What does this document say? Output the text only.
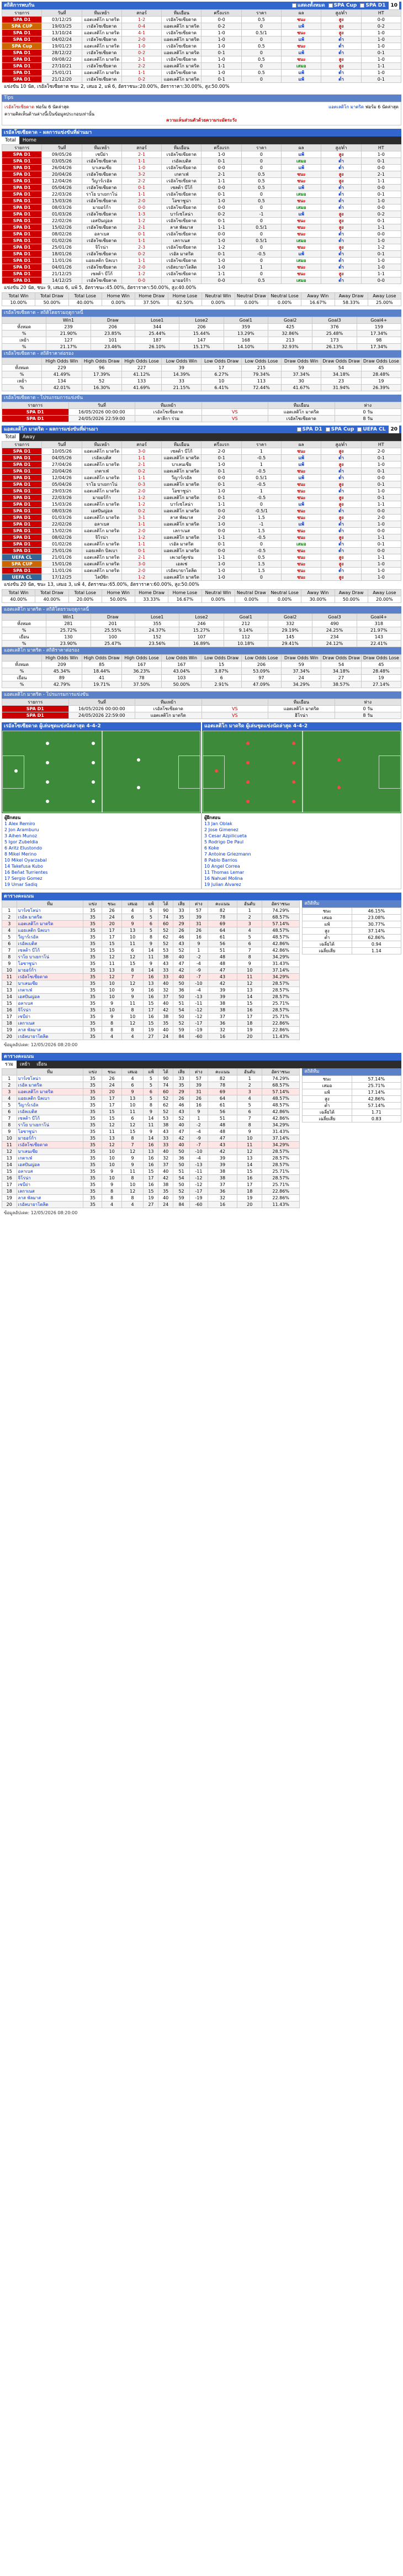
สถิติการพบกัน	แสดงทั้งหมด	SPA Cup	SPA D1	10
รายการ	วันที่	ทีมเหย้า	สกอร์	ทีมเยือน	ครึ่งแรก	ราคา	ผล	สูง/ต่ำ	HT
SPA D1	03/12/25	แอตเลติโก มาดริด	1-2	เรอัลโซเซียดาด	0-0	0.5	ชนะ	สูง	0-0
SPA CUP	19/03/25	เรอัลโซเซียดาด	0-4	แอตเลติโก มาดริด	0-2	0	แพ้	สูง	0-2
SPA D1	13/10/24	แอตเลติโก มาดริด	4-1	เรอัลโซเซียดาด	1-0	0.5/1	ชนะ	สูง	1-0
SPA D1	04/02/24	เรอัลโซเซียดาด	2-0	แอตเลติโก มาดริด	1-0	0	แพ้	ต่ำ	1-0
SPA Cup	19/01/23	แอตเลติโก มาดริด	1-0	เรอัลโซเซียดาด	1-0	0.5	ชนะ	ต่ำ	1-0
SPA D1	28/12/22	เรอัลโซเซียดาด	0-2	แอตเลติโก มาดริด	0-1	0	แพ้	ต่ำ	0-1
SPA D1	09/08/22	แอตเลติโก มาดริด	2-1	เรอัลโซเซียดาด	1-0	0.5	ชนะ	สูง	1-0
SPA D1	27/10/21	เรอัลโซเซียดาด	2-2	แอตเลติโก มาดริด	1-1	0	เสมอ	สูง	1-1
SPA D1	25/01/21	แอตเลติโก มาดริด	1-1	เรอัลโซเซียดาด	1-0	0.5	แพ้	ต่ำ	1-0
SPA D1	21/12/20	เรอัลโซเซียดาด	0-2	แอตเลติโก มาดริด	0-1	0	แพ้	ต่ำ	0-1
แข่งขัน 10 นัด, เรอัลโซเซียดาด ชนะ 2, เสมอ 2, แพ้ 6, อัตราชนะ:20.00%, อัตราราคา:30.00%, สูง:50.00%
Tips
เรอัลโซเซียดาด ฟอร์ม 6 นัดล่าสุด	แอตเลติโก มาดริด ฟอร์ม 6 นัดล่าสุด
ความคิดเห็นด้านล่างนี้เป็นข้อมูลประกอบเท่านั้น
ความเห็นส่วนตัวด้วยความระมัดระวัง
เรอัลโซเซียดาด - ผลการแข่งขันที่ผ่านมา
Total	Home
รายการ	วันที่	ทีมเหย้า	สกอร์	ทีมเยือน	ครึ่งแรก	ราคา	ผล	สูง/ต่ำ	HT
SPA D1	09/05/26	เซบีย่า	2-1	เรอัลโซเซียดาด	1-0	0	แพ้	สูง	1-0
SPA D1	03/05/26	เรอัลโซเซียดาด	1-1	เรอัลเบติส	0-1	0	เสมอ	ต่ำ	0-1
SPA D1	26/04/26	บาเลนเซีย	1-0	เรอัลโซเซียดาด	0-0	0	แพ้	ต่ำ	0-0
SPA D1	20/04/26	เรอัลโซเซียดาด	3-2	เกตาเฟ่	2-1	0.5	ชนะ	สูง	2-1
SPA D1	12/04/26	วีญาร์เรอัล	2-2	เรอัลโซเซียดาด	1-1	0.5	ชนะ	สูง	1-1
SPA D1	05/04/26	เรอัลโซเซียดาด	0-1	เซลต้า บีโก้	0-0	0.5	แพ้	ต่ำ	0-0
SPA D1	22/03/26	ราโย บาเยกาโน่	1-1	เรอัลโซเซียดาด	0-1	0	เสมอ	ต่ำ	0-1
SPA D1	15/03/26	เรอัลโซเซียดาด	2-0	โอซาซูน่า	1-0	0.5	ชนะ	ต่ำ	1-0
SPA D1	08/03/26	มายอร์ก้า	0-0	เรอัลโซเซียดาด	0-0	0	เสมอ	ต่ำ	0-0
SPA D1	01/03/26	เรอัลโซเซียดาด	1-3	บาร์เซโลน่า	0-2	-1	แพ้	สูง	0-2
SPA D1	22/02/26	เอสปันญ่อล	1-2	เรอัลโซเซียดาด	0-1	0	ชนะ	สูง	0-1
SPA D1	15/02/26	เรอัลโซเซียดาด	2-1	ลาส พัลมาส	1-1	0.5/1	ชนะ	สูง	1-1
SPA D1	08/02/26	อลาเบส	0-1	เรอัลโซเซียดาด	0-0	0	ชนะ	ต่ำ	0-0
SPA D1	01/02/26	เรอัลโซเซียดาด	1-1	เลกาเนส	1-0	0.5/1	เสมอ	ต่ำ	1-0
SPA D1	25/01/26	จิโรน่า	2-3	เรอัลโซเซียดาด	1-2	0	ชนะ	สูง	1-2
SPA D1	18/01/26	เรอัลโซเซียดาด	0-2	เรอัล มาดริด	0-1	-0.5	แพ้	ต่ำ	0-1
SPA D1	11/01/26	แอธเลติก บิลเบา	1-1	เรอัลโซเซียดาด	1-0	0	เสมอ	ต่ำ	1-0
SPA D1	04/01/26	เรอัลโซเซียดาด	2-0	เรอัลบายาโดลิด	1-0	1	ชนะ	ต่ำ	1-0
SPA D1	21/12/25	เซลต้า บีโก้	1-2	เรอัลโซเซียดาด	1-1	0	ชนะ	สูง	1-1
SPA D1	14/12/25	เรอัลโซเซียดาด	0-0	มายอร์ก้า	0-0	0.5	เสมอ	ต่ำ	0-0
แข่งขัน 20 นัด, ชนะ 9, เสมอ 6, แพ้ 5, อัตราชนะ:45.00%, อัตราราคา:50.00%, สูง:40.00%
Total Win	Total Draw	Total Lose	Home Win	Home Draw	Home Lose	Neutral Win	Neutral Draw	Neutral Lose	Away Win	Away Draw	Away Lose
10.00%	50.00%	40.00%	0.00%	37.50%	62.50%	0.00%	0.00%	0.00%	16.67%	58.33%	25.00%
เรอัลโซเซียดาด - สถิติโดยรวมฤดูกาลนี้
	Win1	Draw	Lose1	Lose2	Goal1	Goal2	Goal3	Goal4+
ทั้งหมด	239	206	344	206	359	425	376	159
%	21.90%	23.85%	25.44%	15.44%	13.29%	32.86%	25.48%	17.34%
เหย้า	127	101	187	147	168	213	173	98
%	21.17%	23.46%	26.10%	15.17%	14.10%	32.93%	26.13%	17.34%
เรอัลโซเซียดาด - สถิติราคาต่อรอง
	High Odds Win	High Odds Draw	High Odds Lose	Low Odds Win	Low Odds Draw	Low Odds Lose	Draw Odds Win	Draw Odds Draw	Draw Odds Lose
ทั้งหมด	229	96	227	39	17	215	59	54	45
%	41.49%	17.39%	41.12%	14.39%	6.27%	79.34%	37.34%	34.18%	28.48%
เหย้า	134	52	133	33	10	113	30	23	19
%	42.01%	16.30%	41.69%	21.15%	6.41%	72.44%	41.67%	31.94%	26.39%
เรอัลโซเซียดาด - โปรแกรมการแข่งขัน
รายการ	วันที่	ทีมเหย้า		ทีมเยือน	ห่าง
SPA D1	16/05/2026 00:00:00	เรอัลโซเซียดาด	VS	แอตเลติโก มาดริด	0 วัน
SPA D1	24/05/2026 22:59:00	ลาลีกา ร่วม	VS	เรอัลโซเซียดาด	8 วัน
แอตเลติโก มาดริด - ผลการแข่งขันที่ผ่านมา	SPA D1	SPA Cup	UEFA CL	20
Total	Away
รายการ	วันที่	ทีมเหย้า	สกอร์	ทีมเยือน	ครึ่งแรก	ราคา	ผล	สูง/ต่ำ	HT
SPA D1	10/05/26	แอตเลติโก มาดริด	3-0	เซลต้า บีโก้	2-0	1	ชนะ	สูง	2-0
SPA D1	04/05/26	เรอัลเบติส	1-1	แอตเลติโก มาดริด	0-1	-0.5	แพ้	ต่ำ	0-1
SPA D1	27/04/26	แอตเลติโก มาดริด	2-1	บาเลนเซีย	1-0	1	แพ้	สูง	1-0
SPA D1	20/04/26	เกตาเฟ่	0-2	แอตเลติโก มาดริด	0-1	-0.5	ชนะ	ต่ำ	0-1
SPA D1	12/04/26	แอตเลติโก มาดริด	1-1	วีญาร์เรอัล	0-0	0.5/1	แพ้	ต่ำ	0-0
SPA D1	05/04/26	ราโย บาเยกาโน่	0-3	แอตเลติโก มาดริด	0-1	-0.5	ชนะ	สูง	0-1
SPA D1	29/03/26	แอตเลติโก มาดริด	2-0	โอซาซูน่า	1-0	1	ชนะ	ต่ำ	1-0
SPA D1	22/03/26	มายอร์ก้า	1-2	แอตเลติโก มาดริด	0-1	-0.5	ชนะ	สูง	0-1
SPA D1	15/03/26	แอตเลติโก มาดริด	1-2	บาร์เซโลน่า	1-1	0	แพ้	สูง	1-1
SPA D1	08/03/26	เอสปันญ่อล	0-2	แอตเลติโก มาดริด	0-0	-0.5/1	ชนะ	ต่ำ	0-0
SPA D1	01/03/26	แอตเลติโก มาดริด	3-1	ลาส พัลมาส	2-0	1.5	ชนะ	สูง	2-0
SPA D1	22/02/26	อลาเบส	1-1	แอตเลติโก มาดริด	1-0	-1	แพ้	ต่ำ	1-0
SPA D1	15/02/26	แอตเลติโก มาดริด	2-0	เลกาเนส	0-0	1.5	ชนะ	ต่ำ	0-0
SPA D1	08/02/26	จิโรน่า	1-2	แอตเลติโก มาดริด	1-1	-0.5	ชนะ	สูง	1-1
SPA D1	01/02/26	แอตเลติโก มาดริด	1-1	เรอัล มาดริด	0-1	0	เสมอ	ต่ำ	0-1
SPA D1	25/01/26	แอธเลติก บิลเบา	0-1	แอตเลติโก มาดริด	0-0	-0.5	ชนะ	ต่ำ	0-0
UEFA CL	21/01/26	แอตเลติโก มาดริด	2-1	เลเวอร์คูเซ่น	1-1	0.5	ชนะ	สูง	1-1
SPA CUP	15/01/26	แอตเลติโก มาดริด	3-0	เอลเช่	1-0	1.5	ชนะ	สูง	1-0
SPA D1	11/01/26	แอตเลติโก มาดริด	2-0	เรอัลบายาโดลิด	1-0	1.5	ชนะ	ต่ำ	1-0
UEFA CL	17/12/25	ไลป์ซิก	1-2	แอตเลติโก มาดริด	1-0	0	ชนะ	สูง	1-0
แข่งขัน 20 นัด, ชนะ 13, เสมอ 3, แพ้ 4, อัตราชนะ:65.00%, อัตราราคา:60.00%, สูง:50.00%
Total Win	Total Draw	Total Lose	Home Win	Home Draw	Home Lose	Neutral Win	Neutral Draw	Neutral Lose	Away Win	Away Draw	Away Lose
40.00%	40.00%	20.00%	50.00%	33.33%	16.67%	0.00%	0.00%	0.00%	30.00%	50.00%	20.00%
แอตเลติโก มาดริด - สถิติโดยรวมฤดูกาลนี้
	Win1	Draw	Lose1	Lose2	Goal1	Goal2	Goal3	Goal4+
ทั้งหมด	281	201	355	246	212	332	490	318
%	25.72%	25.55%	24.37%	15.27%	9.14%	29.19%	24.25%	21.97%
เยือน	130	100	152	107	112	145	234	143
%	23.90%	25.47%	23.56%	16.89%	10.18%	29.41%	24.12%	22.41%
แอตเลติโก มาดริด - สถิติราคาต่อรอง
	High Odds Win	High Odds Draw	High Odds Lose	Low Odds Win	Low Odds Draw	Low Odds Lose	Draw Odds Win	Draw Odds Draw	Draw Odds Lose
ทั้งหมด	209	85	167	167	15	206	59	54	45
%	45.34%	18.44%	36.23%	43.04%	3.87%	53.09%	37.34%	34.18%	28.48%
เยือน	89	41	78	103	6	97	24	27	19
%	42.79%	19.71%	37.50%	50.00%	2.91%	47.09%	34.29%	38.57%	27.14%
แอตเลติโก มาดริด - โปรแกรมการแข่งขัน
รายการ	วันที่	ทีมเหย้า		ทีมเยือน	ห่าง
SPA D1	16/05/2026 00:00:00	เรอัลโซเซียดาด	VS	แอตเลติโก มาดริด	0 วัน
SPA D1	24/05/2026 22:59:00	แอตเลติโก มาดริด	VS	ฮิโรน่า	8 วัน
เรอัลโซเซียดาด ผู้เล่นชุดแข่งนัดล่าสุด 4-4-2	แอตเลติโก มาดริด ผู้เล่นชุดแข่งนัดล่าสุด 4-4-2
ผู้ฝึกสอน
1 Alex Remiro
2 Jon Aramburu
3 Aihen Munoz
5 Igor Zubeldia
6 Aritz Elustondo
8 Mikel Merino
10 Mikel Oyarzabal
14 Takefusa Kubo
16 Beñat Turrientes
17 Sergio Gomez
19 Umar Sadiq
ผู้ฝึกสอน
13 Jan Oblak
2 Jose Gimenez
3 Cesar Azpilicueta
5 Rodrigo De Paul
6 Koke
7 Antoine Griezmann
8 Pablo Barrios
10 Angel Correa
11 Thomas Lemar
16 Nahuel Molina
19 Julian Alvarez
ตารางคะแนน
	ทีม	แข่ง	ชนะ	เสมอ	แพ้	ได้	เสีย	ต่าง	คะแนน	อันดับ	อัตราชนะ
1	บาร์เซโลน่า	35	26	4	5	90	33	57	82	1	74.29%
2	เรอัล มาดริด	35	24	6	5	74	35	39	78	2	68.57%
3	แอตเลติโก มาดริด	35	20	9	6	60	29	31	69	3	57.14%
4	แอธเลติก บิลเบา	35	17	13	5	52	26	26	64	4	48.57%
5	วีญาร์เรอัล	35	17	10	8	62	46	16	61	5	48.57%
6	เรอัลเบติส	35	15	11	9	52	43	9	56	6	42.86%
7	เซลต้า บีโก้	35	15	6	14	53	52	1	51	7	42.86%
8	ราโย บาเยกาโน่	35	12	12	11	38	40	-2	48	8	34.29%
9	โอซาซูน่า	35	11	15	9	43	47	-4	48	9	31.43%
10	มายอร์ก้า	35	13	8	14	33	42	-9	47	10	37.14%
11	เรอัลโซเซียดาด	35	12	7	16	33	40	-7	43	11	34.29%
12	บาเลนเซีย	35	10	12	13	40	50	-10	42	12	28.57%
13	เกตาเฟ่	35	10	9	16	32	36	-4	39	13	28.57%
14	เอสปันญ่อล	35	10	9	16	37	50	-13	39	14	28.57%
15	อลาเบส	35	9	11	15	40	51	-11	38	15	25.71%
16	จิโรน่า	35	10	8	17	42	54	-12	38	16	28.57%
17	เซบีย่า	35	9	10	16	38	50	-12	37	17	25.71%
18	เลกาเนส	35	8	12	15	35	52	-17	36	18	22.86%
19	ลาส พัลมาส	35	8	8	19	40	59	-19	32	19	22.86%
20	เรอัลบายาโดลิด	35	4	4	27	24	84	-60	16	20	11.43%
สถิติทีม
ชนะ	46.15%
เสมอ	23.08%
แพ้	30.77%
สูง	37.14%
ต่ำ	62.86%
เฉลี่ยได้	0.94
เฉลี่ยเสีย	1.14
ข้อมูลอัปเดต: 12/05/2026 08:20:00
ตารางคะแนน
รวม	เหย้า	เยือน
	ทีม	แข่ง	ชนะ	เสมอ	แพ้	ได้	เสีย	ต่าง	คะแนน	อันดับ	อัตราชนะ
1	บาร์เซโลน่า	35	26	4	5	90	33	57	82	1	74.29%
2	เรอัล มาดริด	35	24	6	5	74	35	39	78	2	68.57%
3	แอตเลติโก มาดริด	35	20	9	6	60	29	31	69	3	57.14%
4	แอธเลติก บิลเบา	35	17	13	5	52	26	26	64	4	48.57%
5	วีญาร์เรอัล	35	17	10	8	62	46	16	61	5	48.57%
6	เรอัลเบติส	35	15	11	9	52	43	9	56	6	42.86%
7	เซลต้า บีโก้	35	15	6	14	53	52	1	51	7	42.86%
8	ราโย บาเยกาโน่	35	12	12	11	38	40	-2	48	8	34.29%
9	โอซาซูน่า	35	11	15	9	43	47	-4	48	9	31.43%
10	มายอร์ก้า	35	13	8	14	33	42	-9	47	10	37.14%
11	เรอัลโซเซียดาด	35	12	7	16	33	40	-7	43	11	34.29%
12	บาเลนเซีย	35	10	12	13	40	50	-10	42	12	28.57%
13	เกตาเฟ่	35	10	9	16	32	36	-4	39	13	28.57%
14	เอสปันญ่อล	35	10	9	16	37	50	-13	39	14	28.57%
15	อลาเบส	35	9	11	15	40	51	-11	38	15	25.71%
16	จิโรน่า	35	10	8	17	42	54	-12	38	16	28.57%
17	เซบีย่า	35	9	10	16	38	50	-12	37	17	25.71%
18	เลกาเนส	35	8	12	15	35	52	-17	36	18	22.86%
19	ลาส พัลมาส	35	8	8	19	40	59	-19	32	19	22.86%
20	เรอัลบายาโดลิด	35	4	4	27	24	84	-60	16	20	11.43%
สถิติทีม
ชนะ	57.14%
เสมอ	25.71%
แพ้	17.14%
สูง	42.86%
ต่ำ	57.14%
เฉลี่ยได้	1.71
เฉลี่ยเสีย	0.83
ข้อมูลอัปเดต: 12/05/2026 08:20:00
